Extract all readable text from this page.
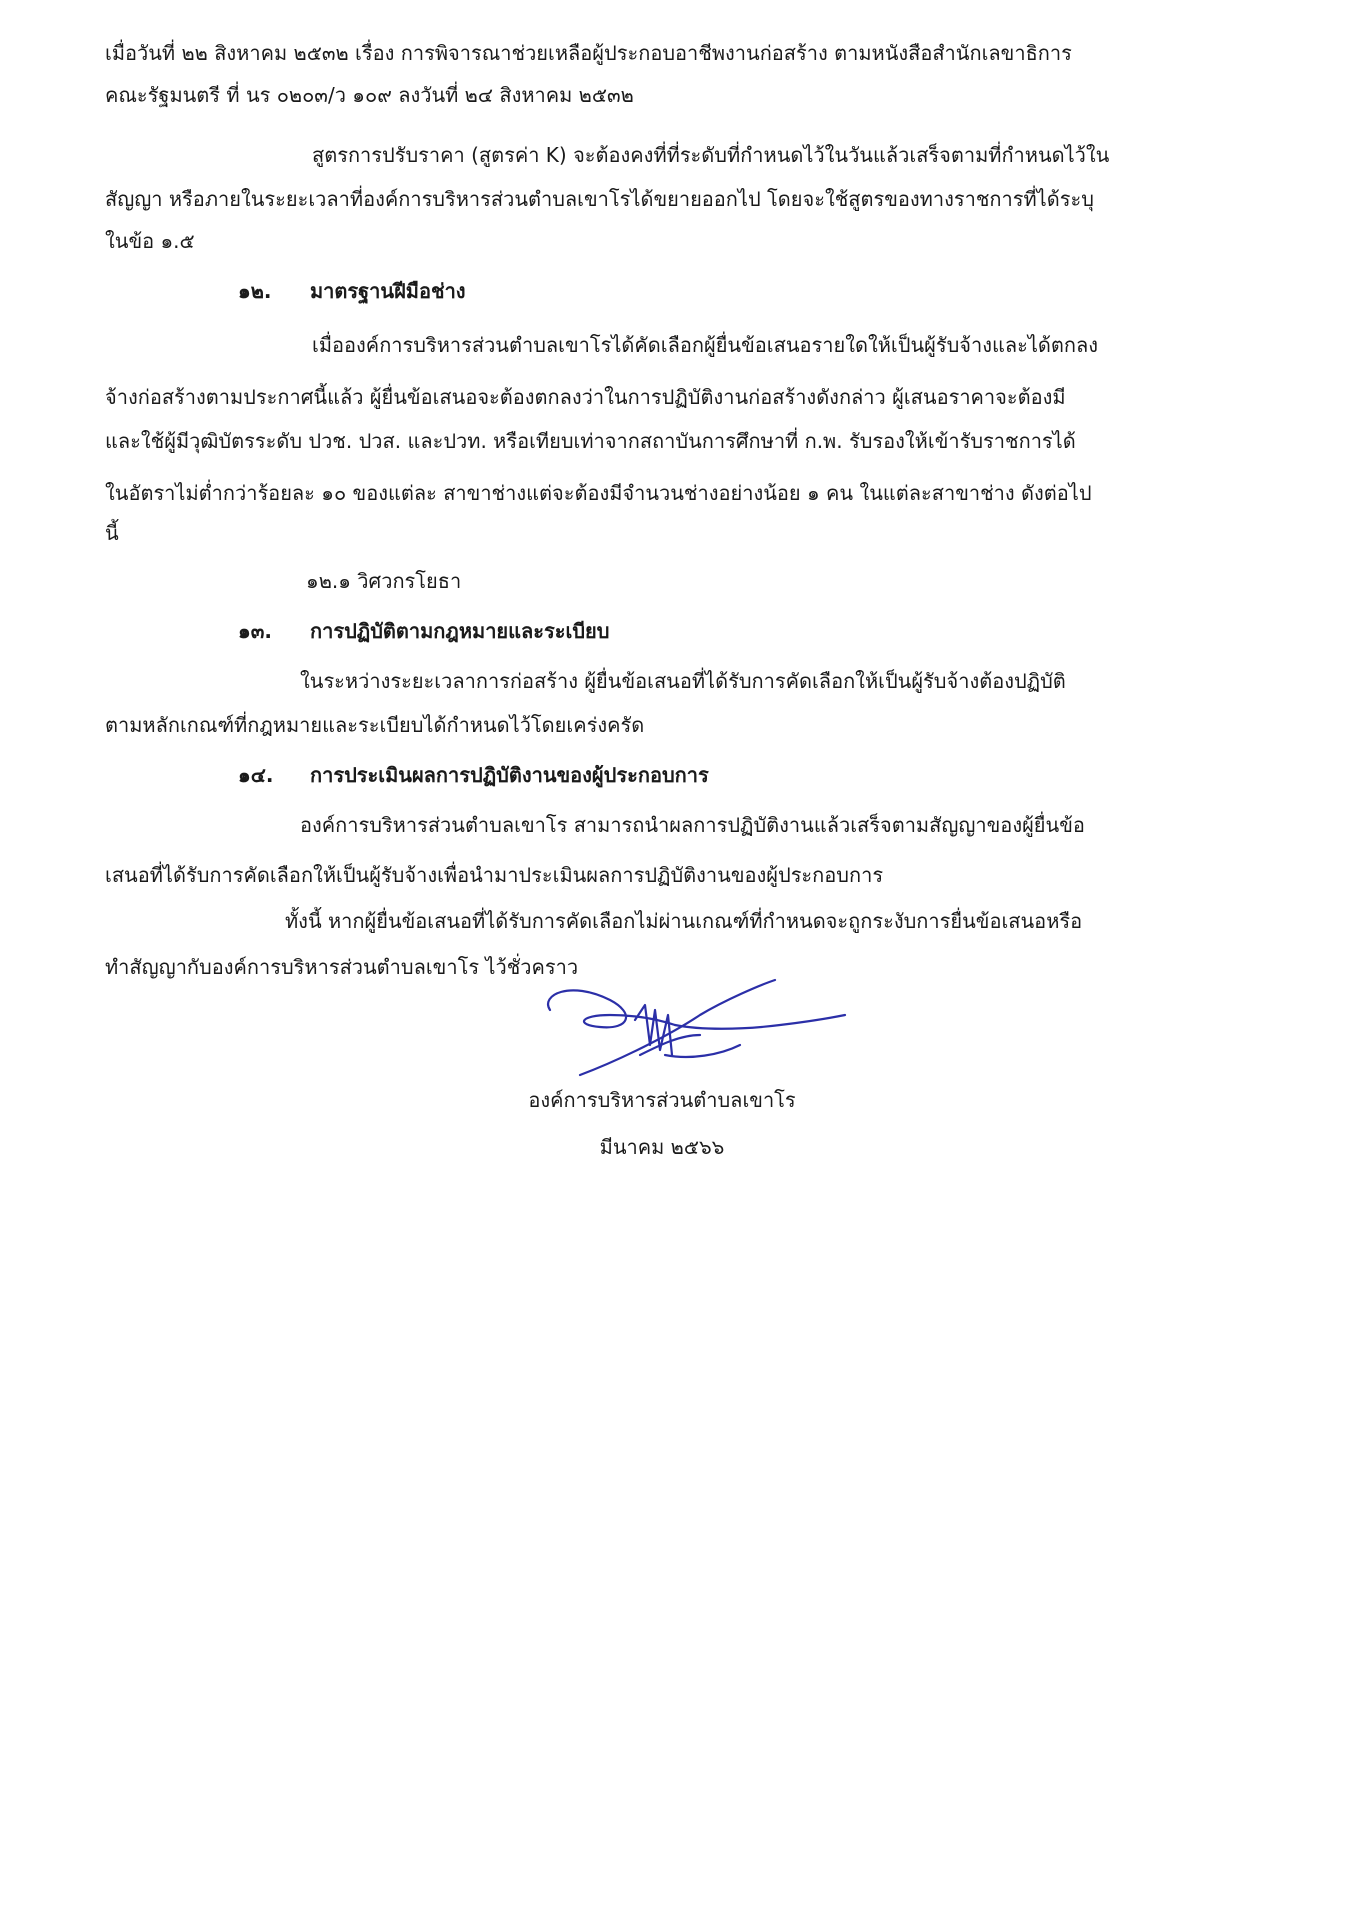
เมื่อวันที่ ๒๒ สิงหาคม ๒๕๓๒ เรื่อง การพิจารณาช่วยเหลือผู้ประกอบอาชีพงานก่อสร้าง ตามหนังสือสำนักเลขาธิการ
คณะรัฐมนตรี ที่ นร ๐๒๐๓/ว ๑๐๙ ลงวันที่ ๒๔ สิงหาคม ๒๕๓๒
สูตรการปรับราคา (สูตรค่า K) จะต้องคงที่ที่ระดับที่กำหนดไว้ในวันแล้วเสร็จตามที่กำหนดไว้ใน
สัญญา หรือภายในระยะเวลาที่องค์การบริหารส่วนตำบลเขาโรได้ขยายออกไป โดยจะใช้สูตรของทางราชการที่ได้ระบุ
ในข้อ ๑.๕
๑๒. มาตรฐานฝีมือช่าง
เมื่อองค์การบริหารส่วนตำบลเขาโรได้คัดเลือกผู้ยื่นข้อเสนอรายใดให้เป็นผู้รับจ้างและได้ตกลง
จ้างก่อสร้างตามประกาศนี้แล้ว ผู้ยื่นข้อเสนอจะต้องตกลงว่าในการปฏิบัติงานก่อสร้างดังกล่าว ผู้เสนอราคาจะต้องมี
และใช้ผู้มีวุฒิบัตรระดับ ปวช. ปวส. และปวท. หรือเทียบเท่าจากสถาบันการศึกษาที่ ก.พ. รับรองให้เข้ารับราชการได้
ในอัตราไม่ต่ำกว่าร้อยละ ๑๐ ของแต่ละ สาขาช่างแต่จะต้องมีจำนวนช่างอย่างน้อย ๑ คน ในแต่ละสาขาช่าง ดังต่อไป
นี้
๑๒.๑ วิศวกรโยธา
๑๓. การปฏิบัติตามกฎหมายและระเบียบ
ในระหว่างระยะเวลาการก่อสร้าง ผู้ยื่นข้อเสนอที่ได้รับการคัดเลือกให้เป็นผู้รับจ้างต้องปฏิบัติ
ตามหลักเกณฑ์ที่กฎหมายและระเบียบได้กำหนดไว้โดยเคร่งครัด
๑๔. การประเมินผลการปฏิบัติงานของผู้ประกอบการ
องค์การบริหารส่วนตำบลเขาโร สามารถนำผลการปฏิบัติงานแล้วเสร็จตามสัญญาของผู้ยื่นข้อ
เสนอที่ได้รับการคัดเลือกให้เป็นผู้รับจ้างเพื่อนำมาประเมินผลการปฏิบัติงานของผู้ประกอบการ
ทั้งนี้ หากผู้ยื่นข้อเสนอที่ได้รับการคัดเลือกไม่ผ่านเกณฑ์ที่กำหนดจะถูกระงับการยื่นข้อเสนอหรือ
ทำสัญญากับองค์การบริหารส่วนตำบลเขาโร ไว้ชั่วคราว
องค์การบริหารส่วนตำบลเขาโร
มีนาคม ๒๕๖๖
